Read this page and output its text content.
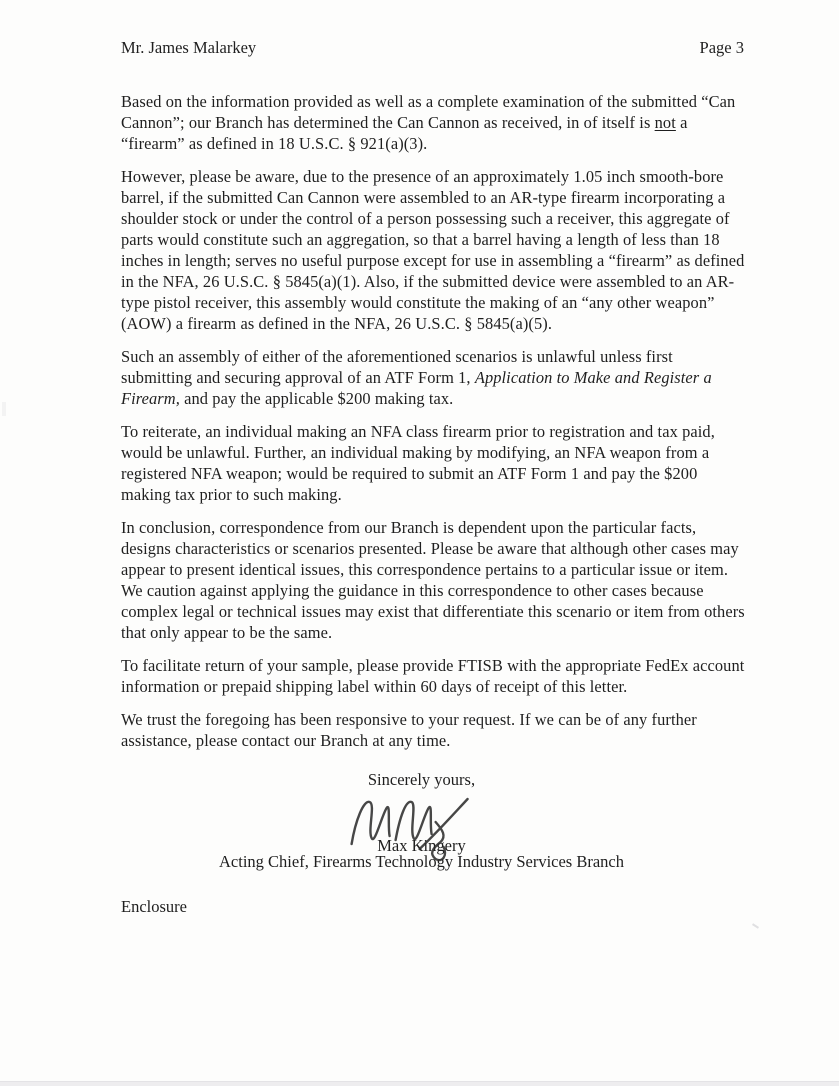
Mr. James Malarkey	Page 3

Based on the information provided as well as a complete examination of the submitted “Can Cannon”; our Branch has determined the Can Cannon as received, in of itself is not a “firearm” as defined in 18 U.S.C. § 921(a)(3).

However, please be aware, due to the presence of an approximately 1.05 inch smooth-bore barrel, if the submitted Can Cannon were assembled to an AR-type firearm incorporating a shoulder stock or under the control of a person possessing such a receiver, this aggregate of parts would constitute such an aggregation, so that a barrel having a length of less than 18 inches in length; serves no useful purpose except for use in assembling a “firearm” as defined in the NFA, 26 U.S.C. § 5845(a)(1). Also, if the submitted device were assembled to an AR-type pistol receiver, this assembly would constitute the making of an “any other weapon” (AOW) a firearm as defined in the NFA, 26 U.S.C. § 5845(a)(5).

Such an assembly of either of the aforementioned scenarios is unlawful unless first submitting and securing approval of an ATF Form 1, Application to Make and Register a Firearm, and pay the applicable $200 making tax.

To reiterate, an individual making an NFA class firearm prior to registration and tax paid, would be unlawful. Further, an individual making by modifying, an NFA weapon from a registered NFA weapon; would be required to submit an ATF Form 1 and pay the $200 making tax prior to such making.

In conclusion, correspondence from our Branch is dependent upon the particular facts, designs characteristics or scenarios presented. Please be aware that although other cases may appear to present identical issues, this correspondence pertains to a particular issue or item. We caution against applying the guidance in this correspondence to other cases because complex legal or technical issues may exist that differentiate this scenario or item from others that only appear to be the same.

To facilitate return of your sample, please provide FTISB with the appropriate FedEx account information or prepaid shipping label within 60 days of receipt of this letter.

We trust the foregoing has been responsive to your request. If we can be of any further assistance, please contact our Branch at any time.

Sincerely yours,
Max Kingery
Acting Chief, Firearms Technology Industry Services Branch
Enclosure
